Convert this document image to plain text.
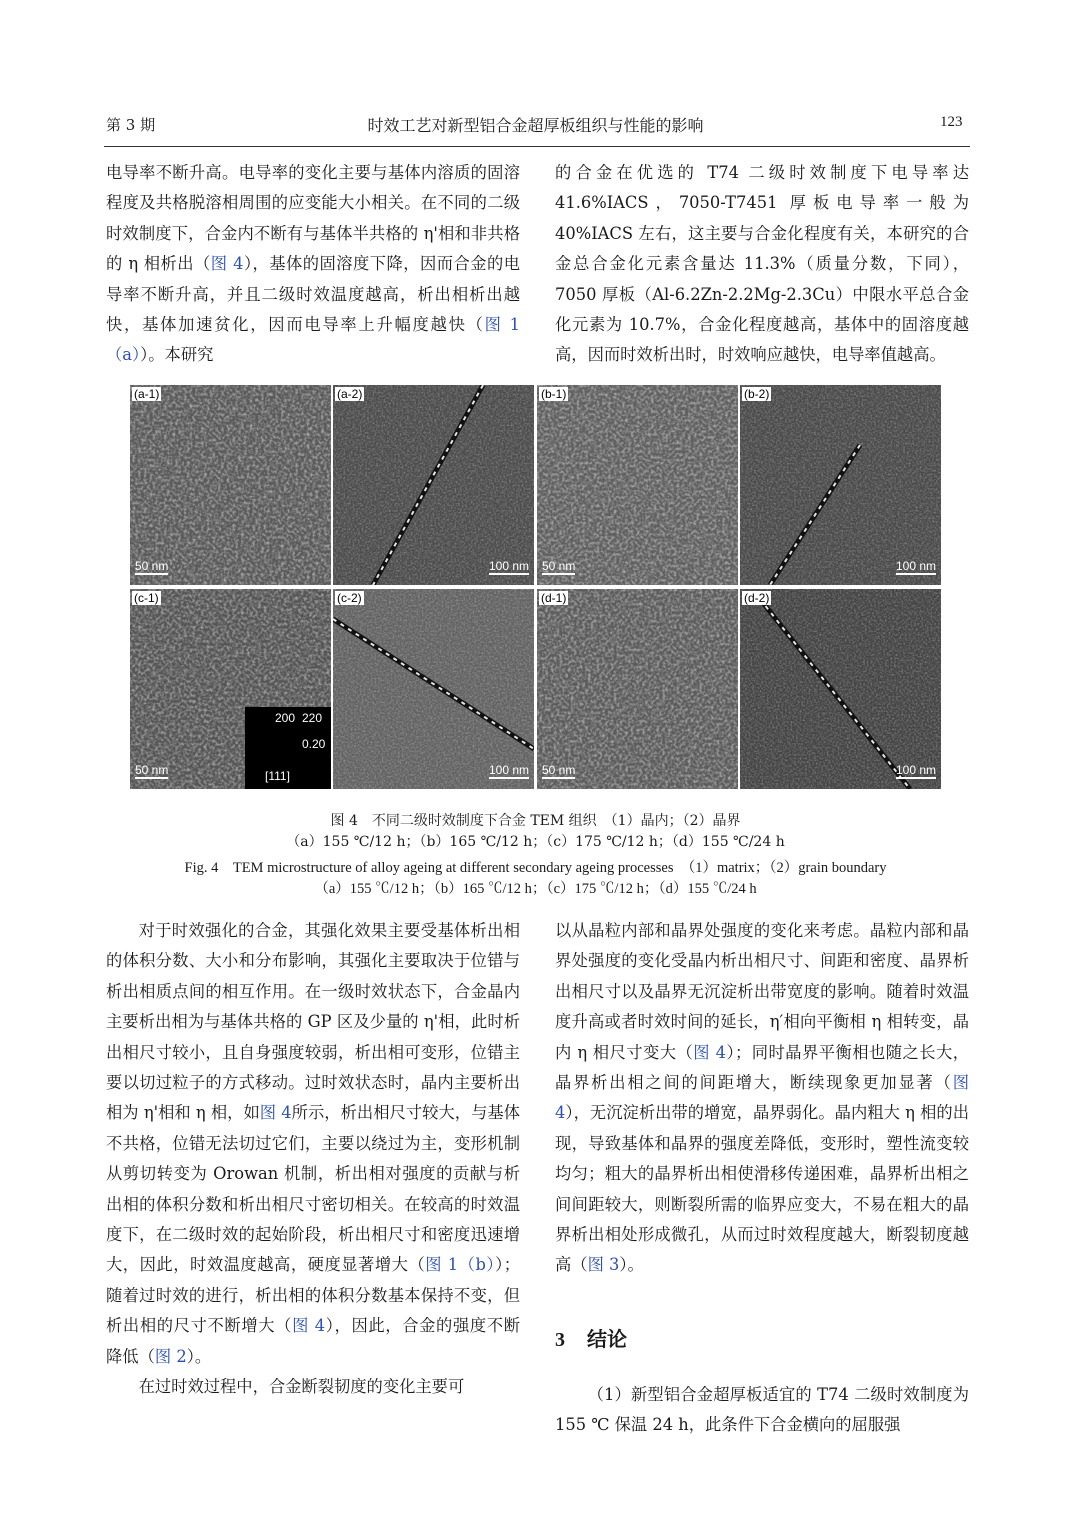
第 3 期	时效工艺对新型铝合金超厚板组织与性能的影响	123

电导率不断升高。电导率的变化主要与基体内溶质的固溶程度及共格脱溶相周围的应变能大小相关。在不同的二级时效制度下，合金内不断有与基体半共格的 η'相和非共格的 η 相析出（图 4），基体的固溶度下降，因而合金的电导率不断升高，并且二级时效温度越高，析出相析出越快，基体加速贫化，因而电导率上升幅度越快（图 1（a））。本研究

的合金在优选的 T74 二级时效制度下电导率达 41.6%IACS，7050-T7451 厚板电导率一般为 40%IACS 左右，这主要与合金化程度有关，本研究的合金总合金化元素含量达 11.3%（质量分数，下同），7050 厚板（Al-6.2Zn-2.2Mg-2.3Cu）中限水平总合金化元素为 10.7%，合金化程度越高，基体中的固溶度越高，因而时效析出时，时效响应越快，电导率值越高。

(a-1)
50 nm
(a-2)
100 nm
(b-1)
50 nm
(b-2)
100 nm
(c-1)
50 nm
200 220
0.20
[111]
(c-2)
100 nm
(d-1)
50 nm
(d-2)
100 nm
图 4　不同二级时效制度下合金 TEM 组织　（1）晶内；（2）晶界
（a）155 ℃/12 h；（b）165 ℃/12 h；（c）175 ℃/12 h；（d）155 ℃/24 h
Fig. 4　TEM microstructure of alloy ageing at different secondary ageing processes　（1）matrix；（2）grain boundary
（a）155 ℃/12 h；（b）165 ℃/12 h；（c）175 ℃/12 h；（d）155 ℃/24 h

对于时效强化的合金，其强化效果主要受基体析出相的体积分数、大小和分布影响，其强化主要取决于位错与析出相质点间的相互作用。在一级时效状态下，合金晶内主要析出相为与基体共格的 GP 区及少量的 η'相，此时析出相尺寸较小，且自身强度较弱，析出相可变形，位错主要以切过粒子的方式移动。过时效状态时，晶内主要析出相为 η'相和 η 相，如图 4所示，析出相尺寸较大，与基体不共格，位错无法切过它们，主要以绕过为主，变形机制从剪切转变为 Orowan 机制，析出相对强度的贡献与析出相的体积分数和析出相尺寸密切相关。在较高的时效温度下，在二级时效的起始阶段，析出相尺寸和密度迅速增大，因此，时效温度越高，硬度显著增大（图 1（b））；随着过时效的进行，析出相的体积分数基本保持不变，但析出相的尺寸不断增大（图 4），因此，合金的强度不断降低（图 2）。

在过时效过程中，合金断裂韧度的变化主要可

以从晶粒内部和晶界处强度的变化来考虑。晶粒内部和晶界处强度的变化受晶内析出相尺寸、间距和密度、晶界析出相尺寸以及晶界无沉淀析出带宽度的影响。随着时效温度升高或者时效时间的延长，η′相向平衡相 η 相转变，晶内 η 相尺寸变大（图 4）；同时晶界平衡相也随之长大，晶界析出相之间的间距增大，断续现象更加显著（图 4），无沉淀析出带的增宽，晶界弱化。晶内粗大 η 相的出现，导致基体和晶界的强度差降低，变形时，塑性流变较均匀；粗大的晶界析出相使滑移传递困难，晶界析出相之间间距较大，则断裂所需的临界应变大，不易在粗大的晶界析出相处形成微孔，从而过时效程度越大，断裂韧度越高（图 3）。

3 结论

（1）新型铝合金超厚板适宜的 T74 二级时效制度为 155 ℃ 保温 24 h，此条件下合金横向的屈服强
